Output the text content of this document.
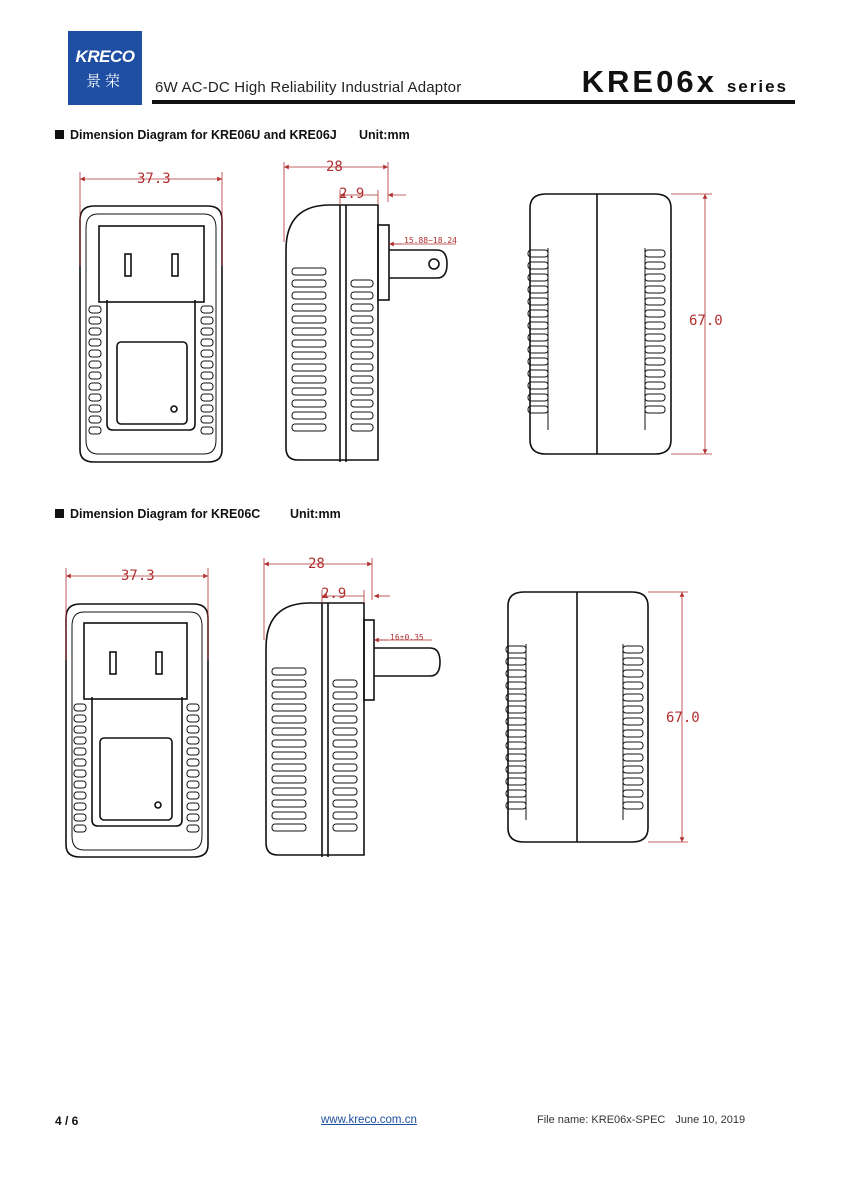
KRECO
景荣	6W AC-DC High Reliability Industrial Adaptor	KRE06x series
Dimension Diagram for KRE06U and KRE06J Unit:mm
37.3
28
2.9
15.88~18.24
67.0
Dimension Diagram for KRE06C Unit:mm
37.3
28
2.9
16±0.35
67.0
4 / 6	www.kreco.com.cn	File name: KRE06x-SPEC June 10, 2019
